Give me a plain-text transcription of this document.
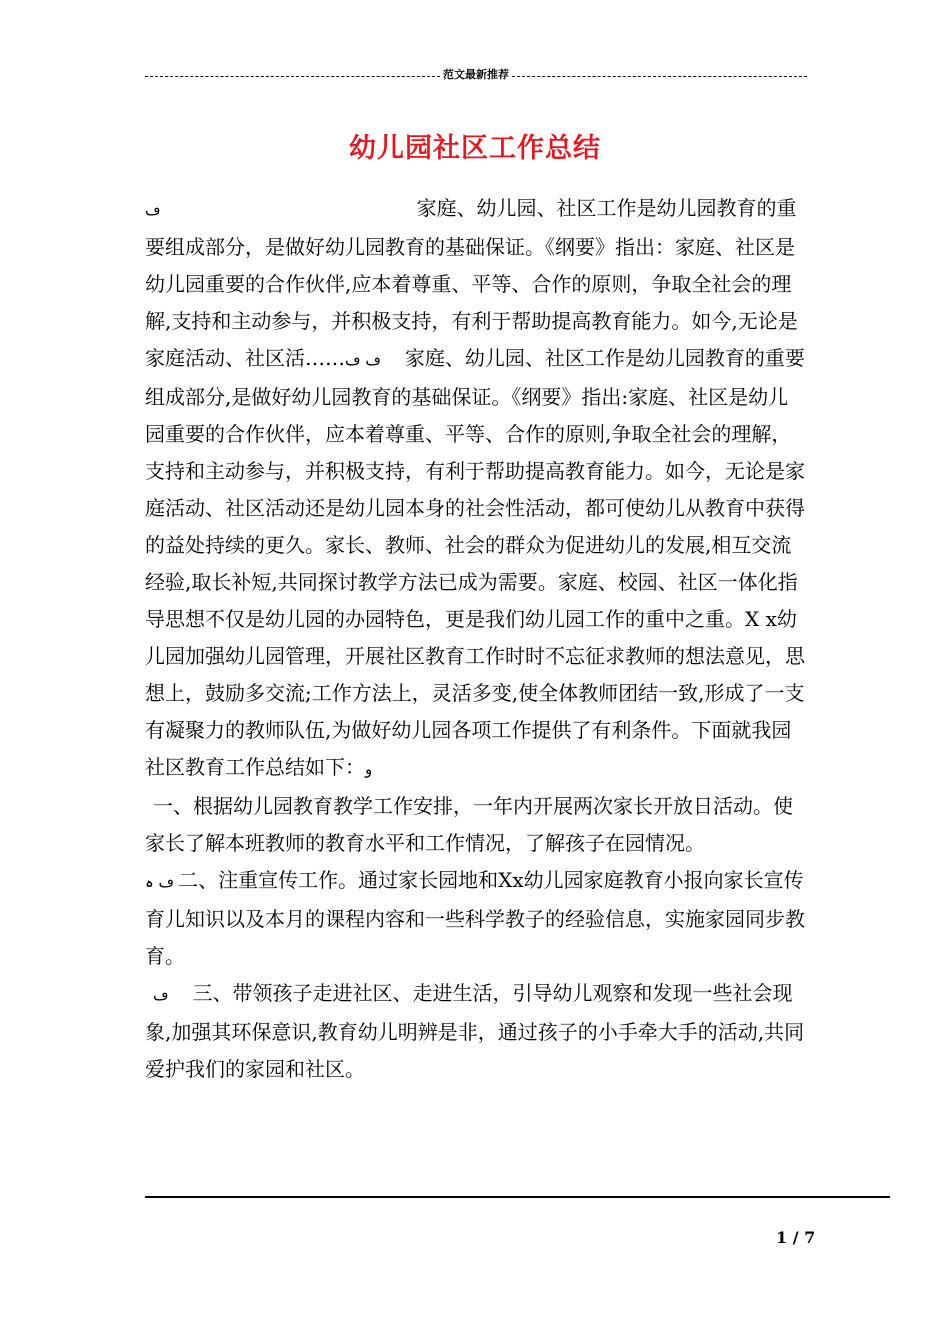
范文最新推荐
幼儿园社区工作总结

ڡ	家庭、幼儿园、社区工作是幼儿园教育的重要组成部分，是做好幼儿园教育的基础保证。《纲要》指出：家庭、社区是幼儿园重要的合作伙伴,应本着尊重、平等、合作的原则，争取全社会的理解,支持和主动参与，并积极支持，有利于帮助提高教育能力。如今,无论是家庭活动、社区活……ڡ ڡ 家庭、幼儿园、社区工作是幼儿园教育的重要组成部分,是做好幼儿园教育的基础保证。《纲要》指出:家庭、社区是幼儿园重要的合作伙伴，应本着尊重、平等、合作的原则,争取全社会的理解，支持和主动参与，并积极支持，有利于帮助提高教育能力。如今，无论是家庭活动、社区活动还是幼儿园本身的社会性活动，都可使幼儿从教育中获得的益处持续的更久。家长、教师、社会的群众为促进幼儿的发展,相互交流经验,取长补短,共同探讨教学方法已成为需要。家庭、校园、社区一体化指导思想不仅是幼儿园的办园特色，更是我们幼儿园工作的重中之重。X x幼儿园加强幼儿园管理，开展社区教育工作时时不忘征求教师的想法意见，思想上，鼓励多交流;工作方法上，灵活多变,使全体教师团结一致,形成了一支有凝聚力的教师队伍,为做好幼儿园各项工作提供了有利条件。下面就我园社区教育工作总结如下：و

一、根据幼儿园教育教学工作安排，一年内开展两次家长开放日活动。使家长了解本班教师的教育水平和工作情况，了解孩子在园情况。

ڡ ہ 二、注重宣传工作。通过家长园地和Xx幼儿园家庭教育小报向家长宣传育儿知识以及本月的课程内容和一些科学教子的经验信息，实施家园同步教育。

ڡ 三、带领孩子走进社区、走进生活，引导幼儿观察和发现一些社会现象,加强其环保意识,教育幼儿明辨是非，通过孩子的小手牵大手的活动,共同爱护我们的家园和社区。

1 / 7
